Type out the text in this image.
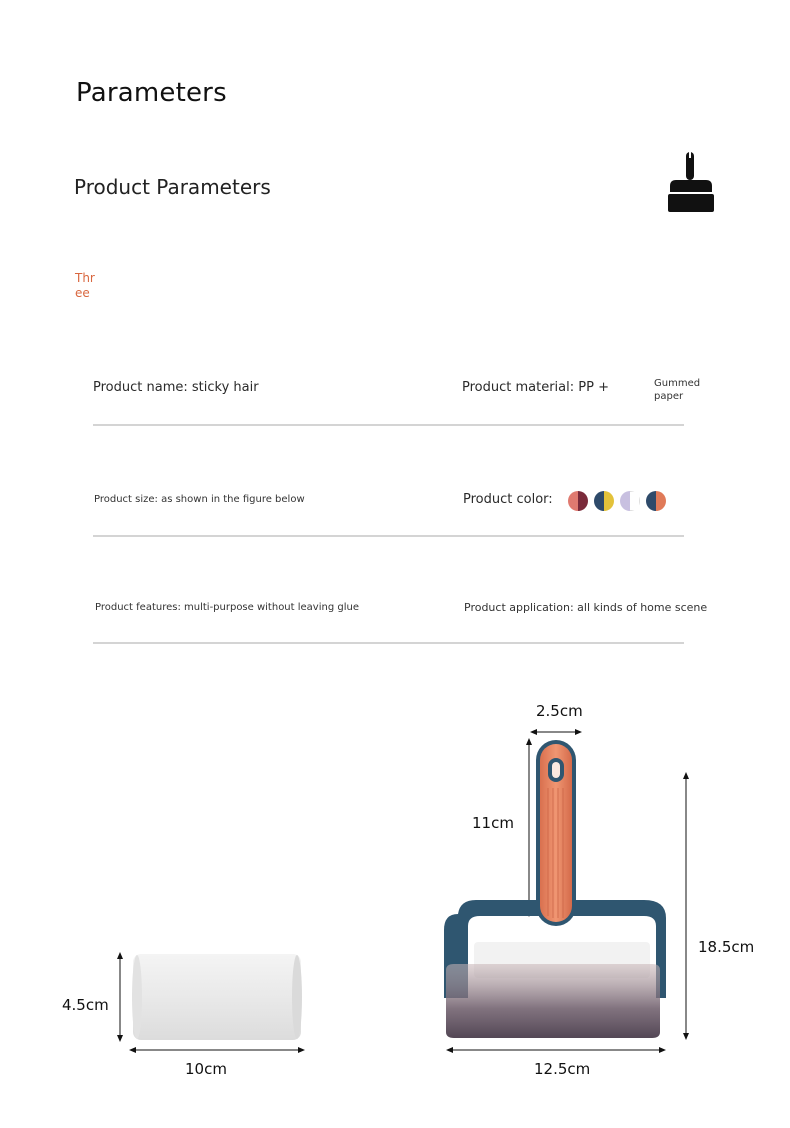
Parameters
Product Parameters
Three
Product name: sticky hair	Product material: PP +	Gummed paper
Product size: as shown in the figure below	Product color:
Product features: multi-purpose without leaving glue	Product application: all kinds of home scene
4.5cm
10cm
2.5cm
11cm
18.5cm
12.5cm
